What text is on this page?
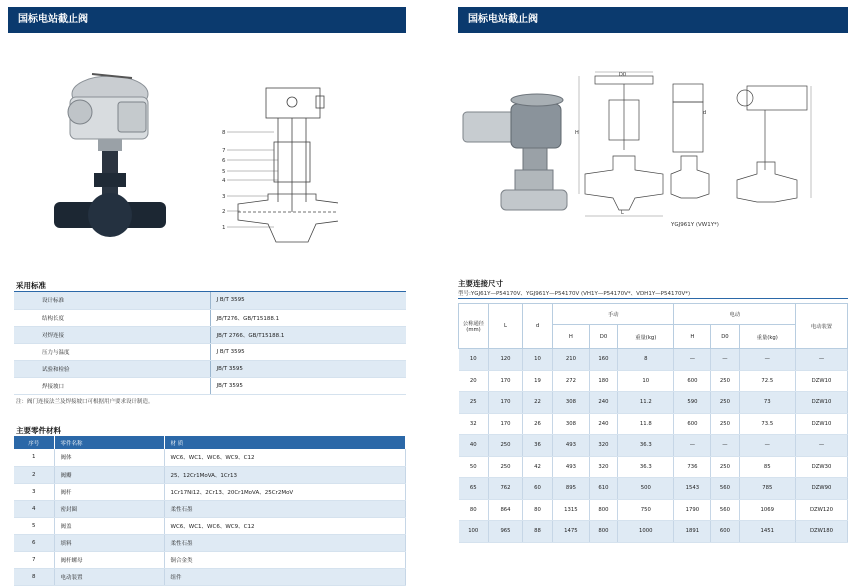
国标电站截止阀
8
7
6
5
4
3
2
1
采用标准
设计标准	J B/T 3595
结构长度	JB/T276、GB/T15188.1
对焊连接	JB/T 2766、GB/T15188.1
压力与温度	J B/T 3595
试验和检验	JB/T 3595
焊接坡口	JB/T 3595
注：阀门连接法兰及焊接坡口可根据用户要求设计制造。
主要零件材料
序号	零件名称	材 质
1	阀体	WC6、WC1、WC6、WC9、C12
2	阀瓣	25、12Cr1MoVA、1Cr13
3	阀杆	1Cr17Ni12、2Cr13、20Cr1MoVA、25Cr2MoV
4	密封圈	柔性石墨
5	阀盖	WC6、WC1、WC6、WC9、C12
6	填料	柔性石墨
7	阀杆螺母	铜合金类
8	电动装置	组件
国标电站截止阀
D0
H
L
d
YGJ961Y (VW1Y*)
主要连接尺寸
型号:YGJ61Y—P54170V、YGJ961Y—P54170V (VH1Y—P54170V*、VDH1Y—P54170V*)
公称通径 (mm)	L	d	手动			电动			电动装置
			H	D0	重量(kg)	H	D0	重量(kg)	
10	120	10	210	160	8	—	—	—	—
20	170	19	272	180	10	600	250	72.5	DZW10
25	170	22	308	240	11.2	590	250	73	DZW10
32	170	26	308	240	11.8	600	250	73.5	DZW10
40	250	36	493	320	36.3	—	—	—	—
50	250	42	493	320	36.3	736	250	85	DZW30
65	762	60	895	610	500	1543	560	785	DZW90
80	864	80	1315	800	750	1790	560	1069	DZW120
100	965	88	1475	800	1000	1891	600	1451	DZW180
